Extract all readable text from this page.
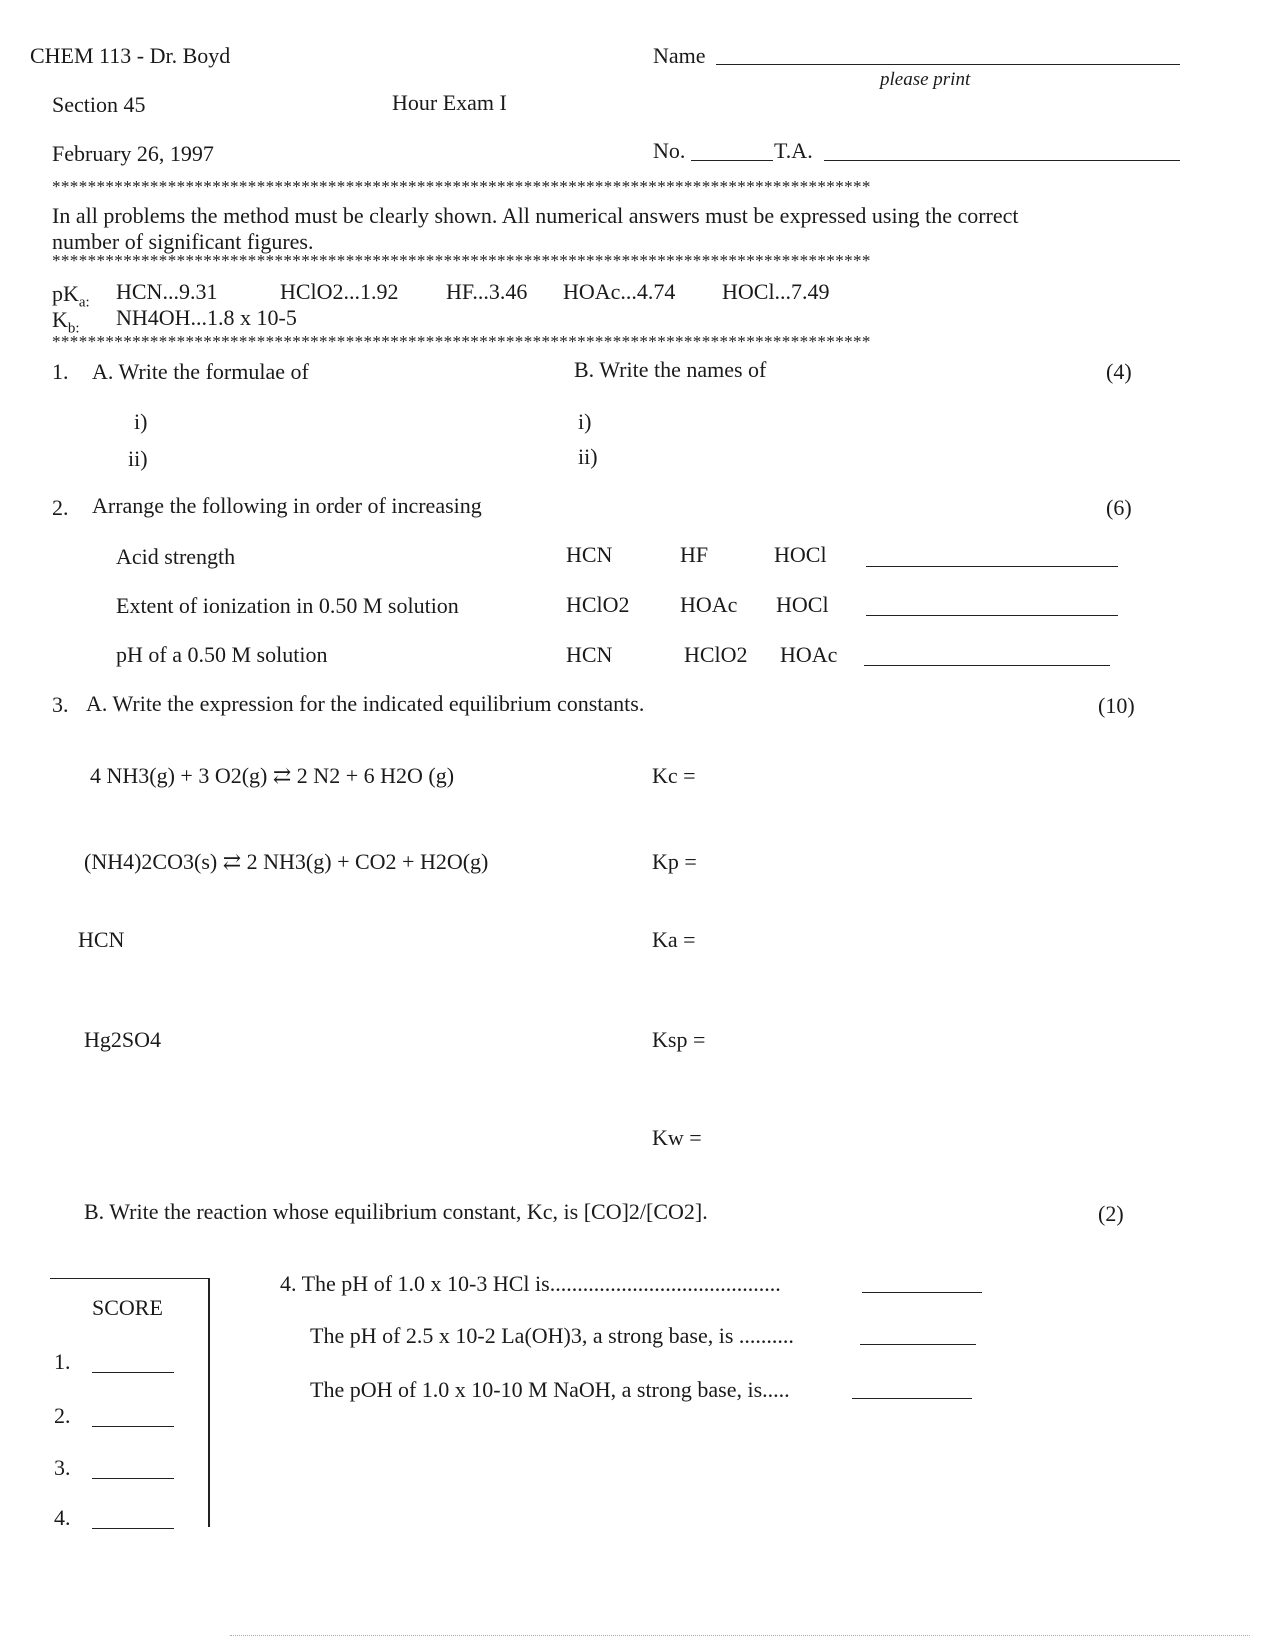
CHEM 113 - Dr. Boyd	Name
please print
Section 45	Hour Exam I
February 26, 1997	No.	T.A.
********************************************************************************************
In all problems the method must be clearly shown. All numerical answers must be expressed using the correct
number of significant figures.
********************************************************************************************
$pK_{a:}$ HCN...9.31	HClO2...1.92 HF...3.46 HOAc...4.74 HOCl...7.49
$K_{b:}$ NH4OH...1.8 x 10-5
********************************************************************************************
1. A. Write the formulae of	B. Write the names of	(4)
i)
ii)
i)
ii)
2. Arrange the following in order of increasing	(6)
Acid strength	HCN	HF	HOCl
Extent of ionization in 0.50 M solution	HClO2 HOAc HOCl
pH of a 0.50 M solution	HCN	HClO2 HOAc
3. A. Write the expression for the indicated equilibrium constants.	(10)
4 NH3(g) + 3 O2(g) ⇄ 2 N2 + 6 H2O (g)	Kc =
(NH4)2CO3(s) ⇄ 2 NH3(g) + CO2 + H2O(g)	Kp =
HCN	Ka =
Hg2SO4	Ksp =
Kw =
B. Write the reaction whose equilibrium constant, Kc, is [CO]2/[CO2].	(2)
SCORE
1.
2.
3.
4.
4. The pH of 1.0 x 10-3 HCl is..........................................
The pH of 2.5 x 10-2 La(OH)3, a strong base, is ..........
The pOH of 1.0 x 10-10 M NaOH, a strong base, is.....
